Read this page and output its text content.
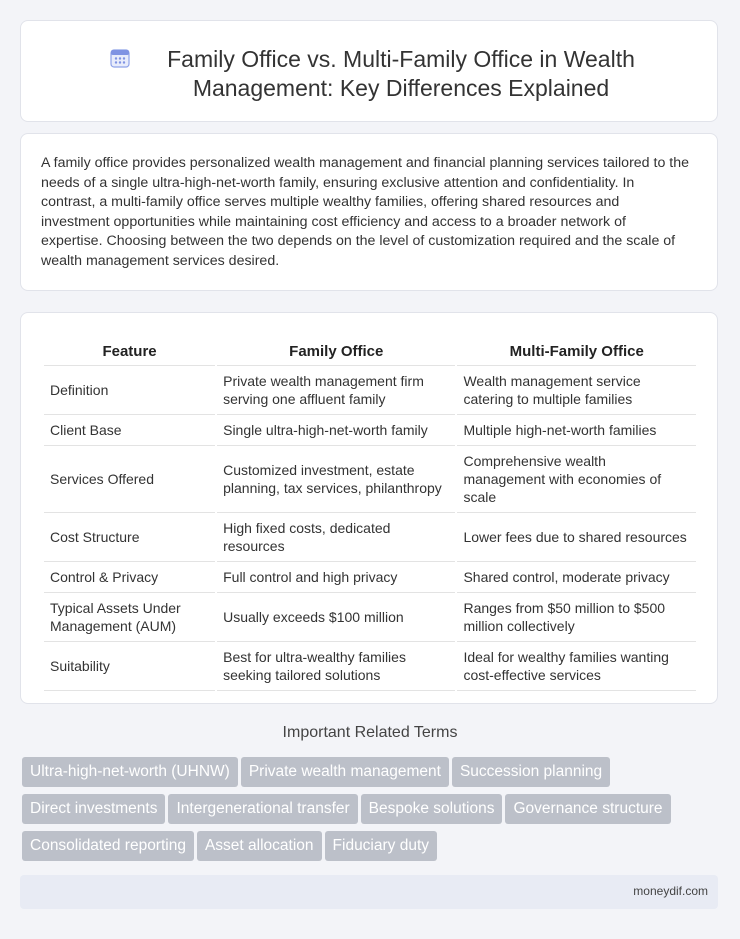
Family Office vs. Multi-Family Office in Wealth Management: Key Differences Explained

A family office provides personalized wealth management and financial planning services tailored to the needs of a single ultra-high-net-worth family, ensuring exclusive attention and confidentiality. In contrast, a multi-family office serves multiple wealthy families, offering shared resources and investment opportunities while maintaining cost efficiency and access to a broader network of expertise. Choosing between the two depends on the level of customization required and the scale of wealth management services desired.

Feature	Family Office	Multi-Family Office
Definition	Private wealth management firm serving one affluent family	Wealth management service catering to multiple families
Client Base	Single ultra-high-net-worth family	Multiple high-net-worth families
Services Offered	Customized investment, estate planning, tax services, philanthropy	Comprehensive wealth management with economies of scale
Cost Structure	High fixed costs, dedicated resources	Lower fees due to shared resources
Control & Privacy	Full control and high privacy	Shared control, moderate privacy
Typical Assets Under Management (AUM)	Usually exceeds $100 million	Ranges from $50 million to $500 million collectively
Suitability	Best for ultra-wealthy families seeking tailored solutions	Ideal for wealthy families wanting cost-effective services
Important Related Terms
Ultra-high-net-worth (UHNW) Private wealth management Succession planning
Direct investments Intergenerational transfer Bespoke solutions Governance structure
Consolidated reporting Asset allocation Fiduciary duty
moneydif.com
